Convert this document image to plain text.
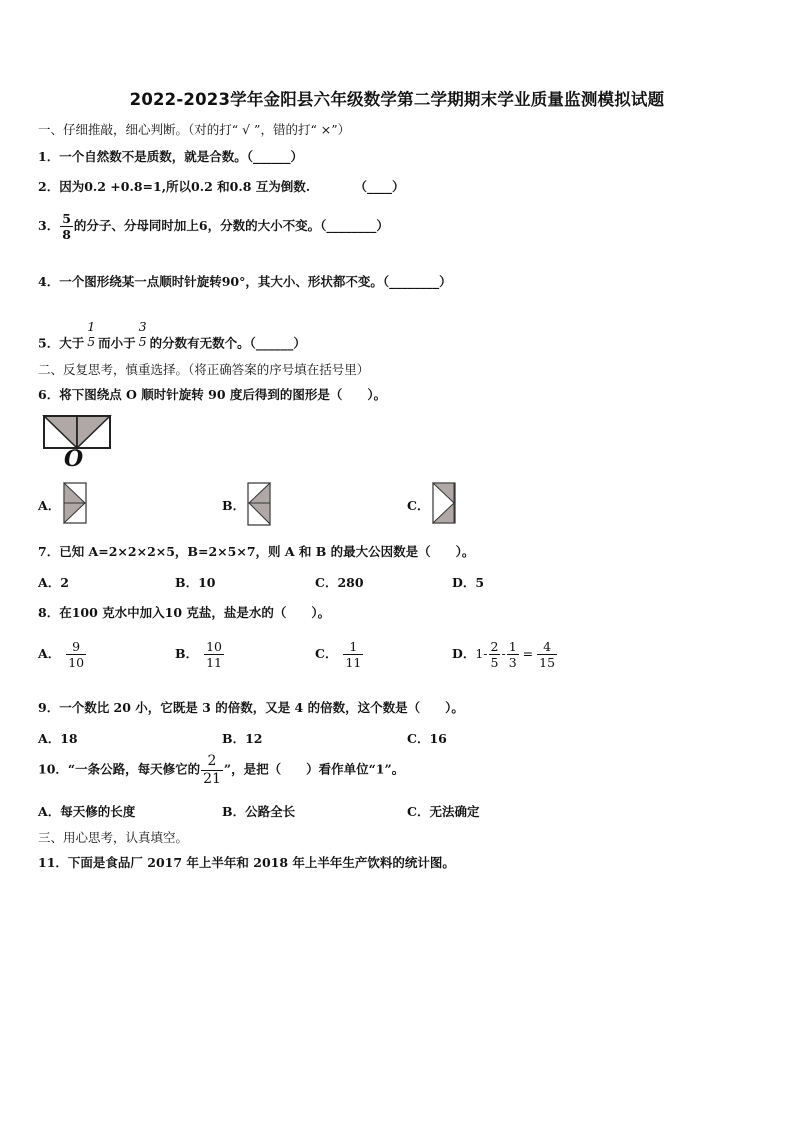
2022-2023学年金阳县六年级数学第二学期期末学业质量监测模拟试题
一、仔细推敲，细心判断。（对的打“ √ ”，错的打“ ×”）
1．一个自然数不是质数，就是合数。（______）
2．因为0.2 +0.8=1,所以0.2 和0.8 互为倒数.	（____）
3． $\frac{5}{8}$ 的分子、分母同时加上6，分数的大小不变。（________）
4．一个图形绕某一点顺时针旋转90°，其大小、形状都不变。（________）
5．大于
1
5 而小于
3
5 的分数有无数个。（______）
二、反复思考，慎重选择。（将正确答案的序号填在括号里）
6．将下图绕点 O 顺时针旋转 90 度后得到的图形是（　　）。
O
A．	B．	C．
7．已知 A=2×2×2×5，B=2×5×7，则 A 和 B 的最大公因数是（　　）。
A．2	B．10	C．280	D．5
8．在100 克水中加入10 克盐，盐是水的（　　）。
A． $\frac{9}{10}$	B． $\frac{10}{11}$	C． $\frac{1}{11}$	D．$1- \frac{2}{5} - \frac{1}{3} = \frac{4}{15}$
9．一个数比 20 小，它既是 3 的倍数，又是 4 的倍数，这个数是（　　）。
A．18	B．12	C．16
10．“一条公路，每天修它的 $\frac{2}{21}$ ”，是把（　　）看作单位“1”。
A．每天修的长度	B．公路全长	C．无法确定
三、用心思考，认真填空。
11．下面是食品厂 2017 年上半年和 2018 年上半年生产饮料的统计图。
